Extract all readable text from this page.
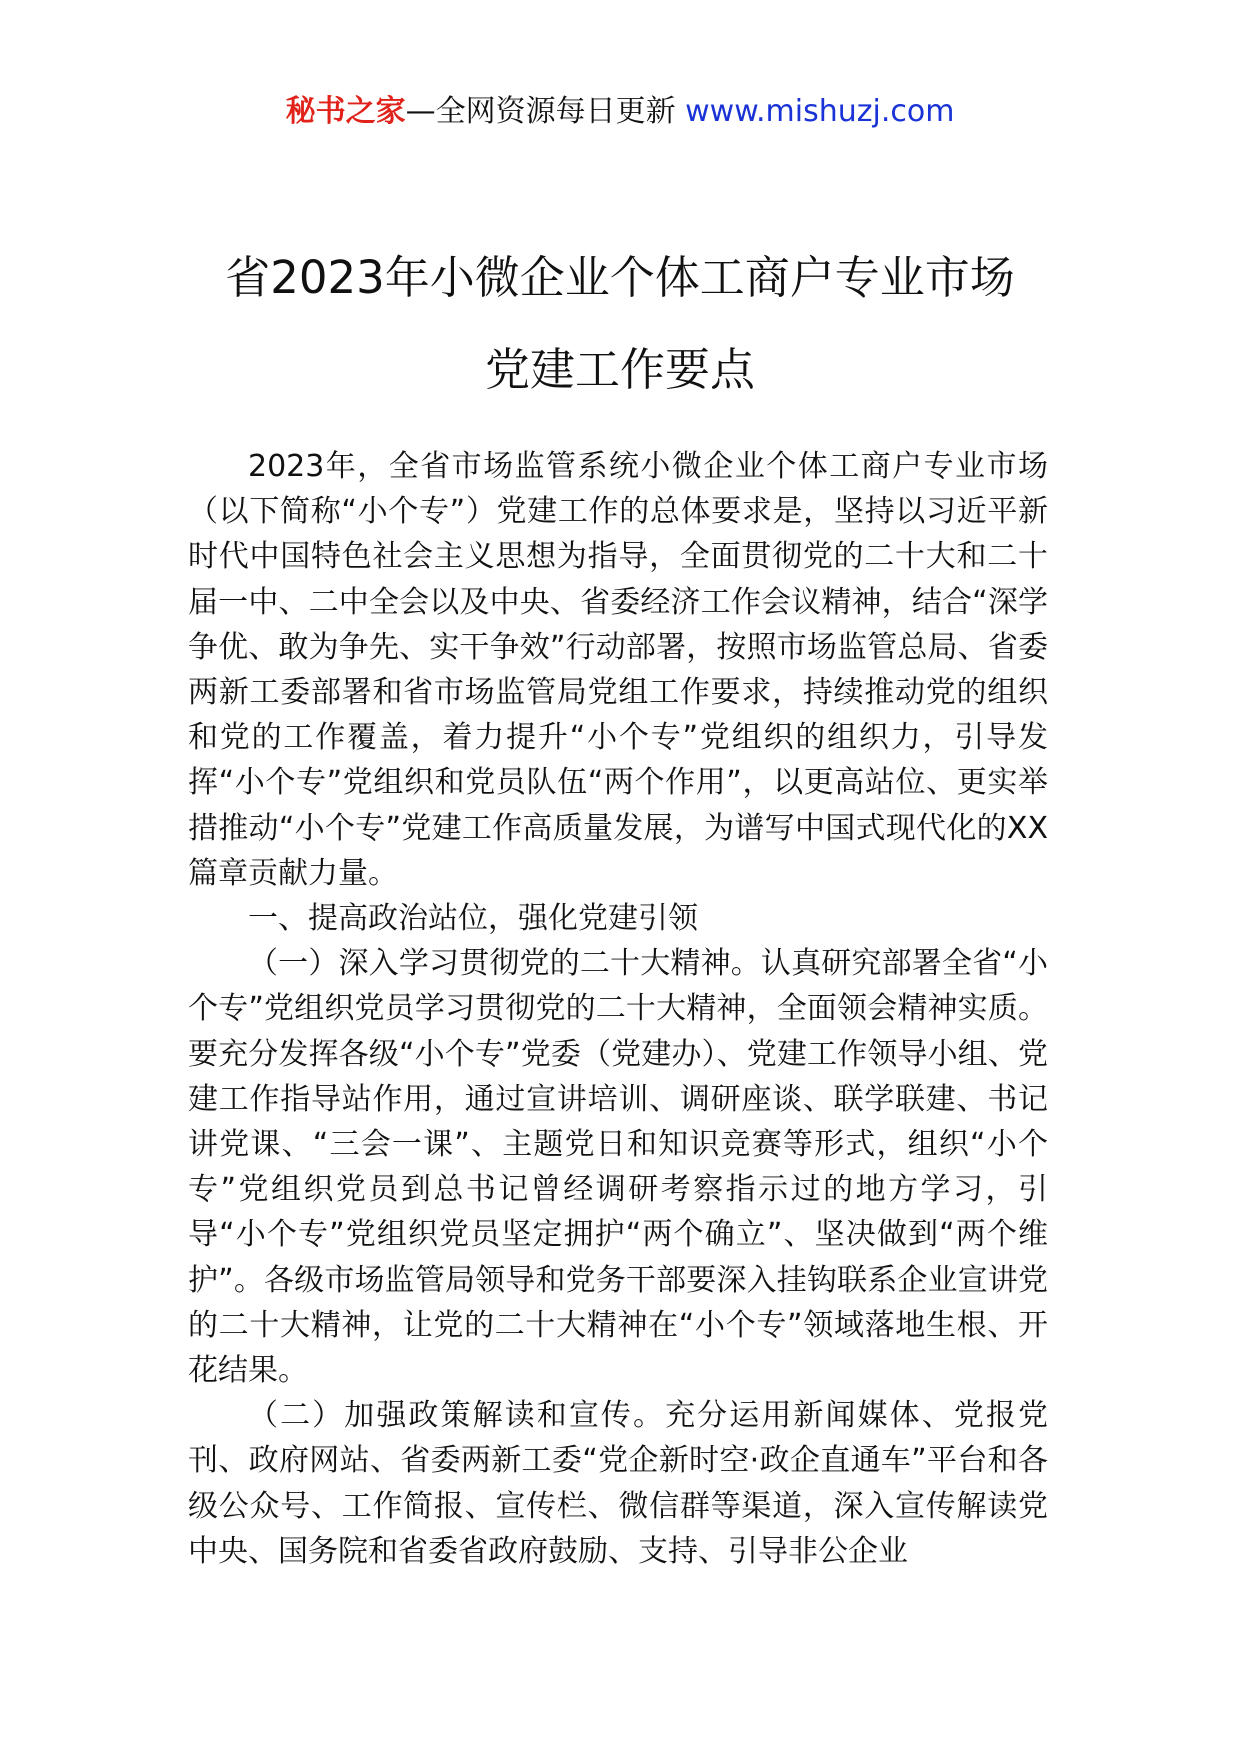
秘书之家—全网资源每日更新 www.mishuzj.com
省2023年小微企业个体工商户专业市场
党建工作要点

2023年，全省市场监管系统小微企业个体工商户专业市场（以下简称“小个专”）党建工作的总体要求是，坚持以习近平新时代中国特色社会主义思想为指导，全面贯彻党的二十大和二十届一中、二中全会以及中央、省委经济工作会议精神，结合“深学争优、敢为争先、实干争效”行动部署，按照市场监管总局、省委两新工委部署和省市场监管局党组工作要求，持续推动党的组织和党的工作覆盖，着力提升“小个专”党组织的组织力，引导发挥“小个专”党组织和党员队伍“两个作用”，以更高站位、更实举措推动“小个专”党建工作高质量发展，为谱写中国式现代化的XX篇章贡献力量。

一、提高政治站位，强化党建引领

（一）深入学习贯彻党的二十大精神。认真研究部署全省“小个专”党组织党员学习贯彻党的二十大精神，全面领会精神实质。要充分发挥各级“小个专”党委（党建办）、党建工作领导小组、党建工作指导站作用，通过宣讲培训、调研座谈、联学联建、书记讲党课、“三会一课”、主题党日和知识竞赛等形式，组织“小个专”党组织党员到总书记曾经调研考察指示过的地方学习，引导“小个专”党组织党员坚定拥护“两个确立”、坚决做到“两个维护”。各级市场监管局领导和党务干部要深入挂钩联系企业宣讲党的二十大精神，让党的二十大精神在“小个专”领域落地生根、开花结果。

（二）加强政策解读和宣传。充分运用新闻媒体、党报党刊、政府网站、省委两新工委“党企新时空·政企直通车”平台和各级公众号、工作简报、宣传栏、微信群等渠道，深入宣传解读党中央、国务院和省委省政府鼓励、支持、引导非公企业
